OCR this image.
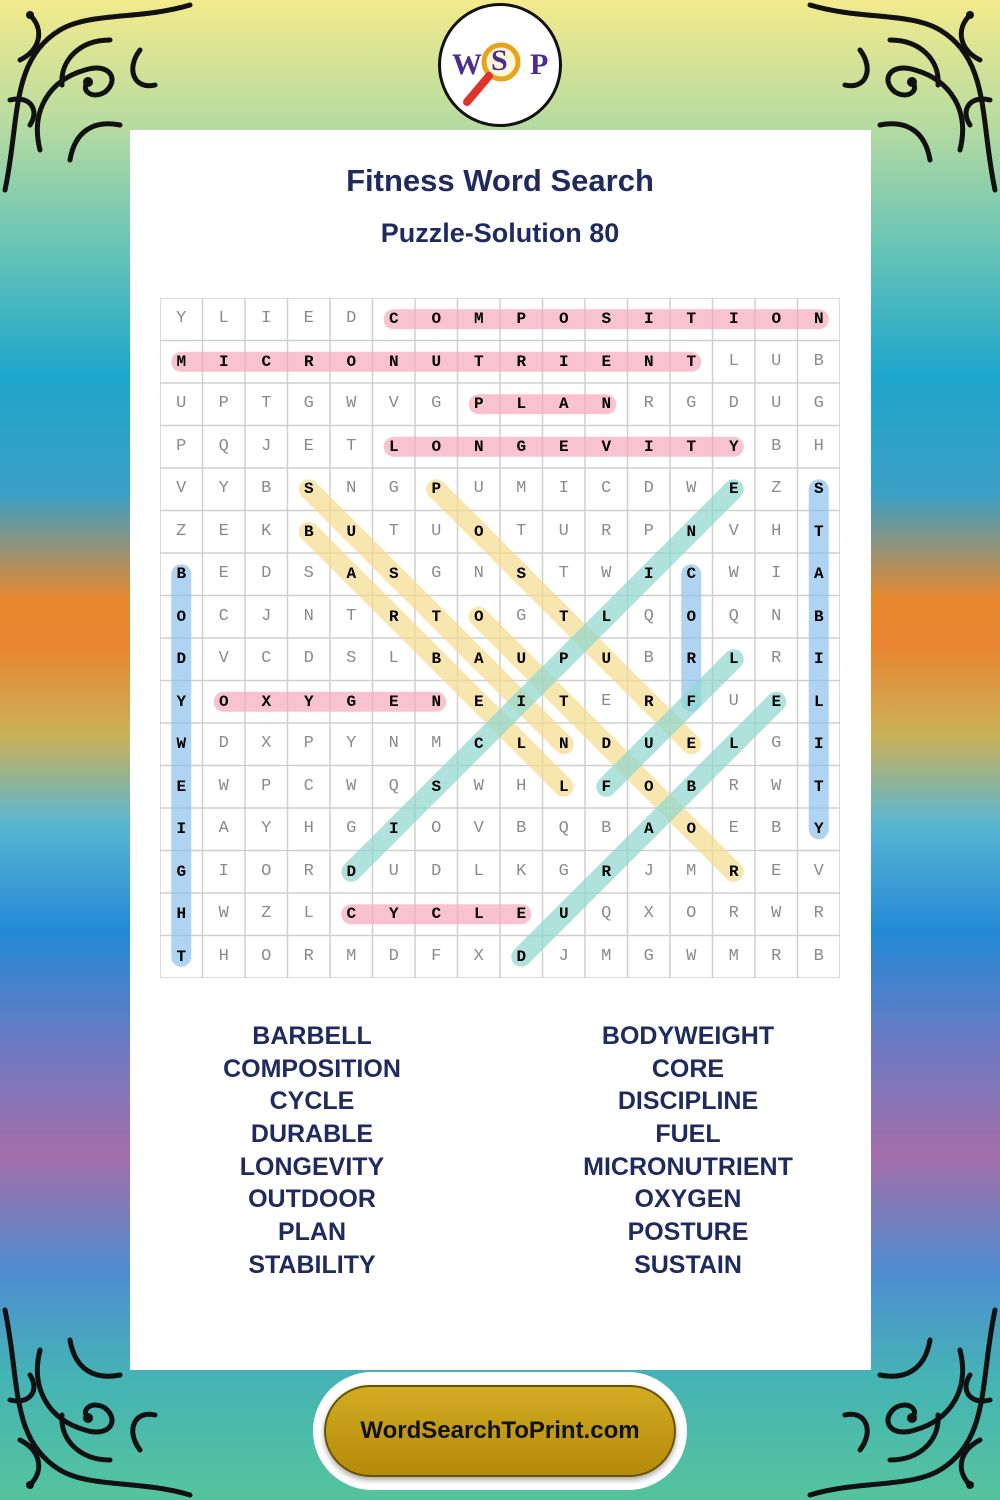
W S P
Fitness Word Search
Puzzle-Solution 80
Y	L	I	E	D	C	O	M	P	O	S	I	T	I	O	N
M	I	C	R	O	N	U	T	R	I	E	N	T	L	U	B
U	P	T	G	W	V	G	P	L	A	N	R	G	D	U	G
P	Q	J	E	T	L	O	N	G	E	V	I	T	Y	B	H
V	Y	B	S	N	G	P	U	M	I	C	D	W	E	Z	S
Z	E	K	B	U	T	U	O	T	U	R	P	N	V	H	T
B	E	D	S	A	S	G	N	S	T	W	I	C	W	I	A
O	C	J	N	T	R	T	O	G	T	L	Q	O	Q	N	B
D	V	C	D	S	L	B	A	U	P	U	B	R	L	R	I
Y	O	X	Y	G	E	N	E	I	T	E	R	F	U	E	L
W	D	X	P	Y	N	M	C	L	N	D	U	E	L	G	I
E	W	P	C	W	Q	S	W	H	L	F	O	B	R	W	T
I	A	Y	H	G	I	O	V	B	Q	B	A	O	E	B	Y
G	I	O	R	D	U	D	L	K	G	R	J	M	R	E	V
H	W	Z	L	C	Y	C	L	E	U	Q	X	O	R	W	R
T	H	O	R	M	D	F	X	D	J	M	G	W	M	R	B
BARBELL
COMPOSITION
CYCLE
DURABLE
LONGEVITY
OUTDOOR
PLAN
STABILITY
BODYWEIGHT
CORE
DISCIPLINE
FUEL
MICRONUTRIENT
OXYGEN
POSTURE
SUSTAIN
WordSearchToPrint.com
